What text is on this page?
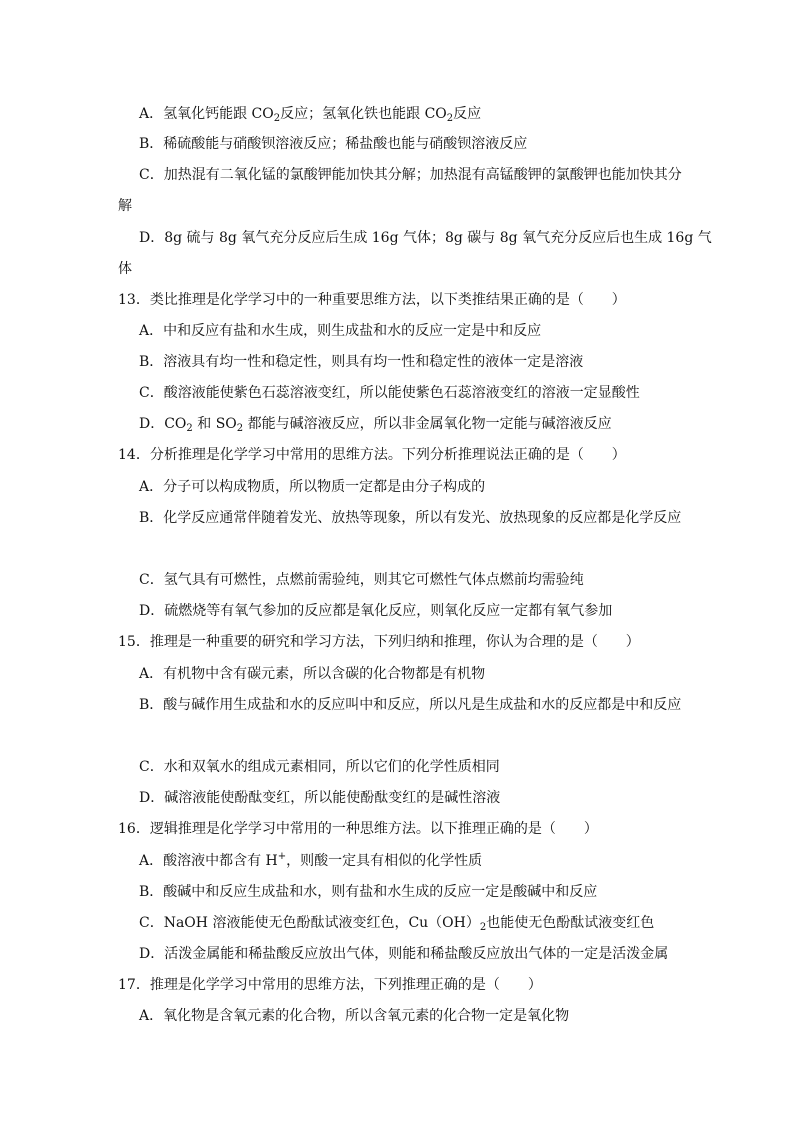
A．氢氧化钙能跟 $CO_2$反应；氢氧化铁也能跟 $CO_2$反应
B．稀硫酸能与硝酸钡溶液反应；稀盐酸也能与硝酸钡溶液反应
C．加热混有二氧化锰的氯酸钾能加快其分解；加热混有高锰酸钾的氯酸钾也能加快其分
解
D．8g 硫与 8g 氧气充分反应后生成 16g 气体；8g 碳与 8g 氧气充分反应后也生成 16g 气
体
13．类比推理是化学学习中的一种重要思维方法，以下类推结果正确的是（　　）
A．中和反应有盐和水生成，则生成盐和水的反应一定是中和反应
B．溶液具有均一性和稳定性，则具有均一性和稳定性的液体一定是溶液
C．酸溶液能使紫色石蕊溶液变红，所以能使紫色石蕊溶液变红的溶液一定显酸性
D．$CO_2$ 和 $SO_2$ 都能与碱溶液反应，所以非金属氧化物一定能与碱溶液反应
14．分析推理是化学学习中常用的思维方法。下列分析推理说法正确的是（　　）
A．分子可以构成物质，所以物质一定都是由分子构成的
B．化学反应通常伴随着发光、放热等现象，所以有发光、放热现象的反应都是化学反应
C．氢气具有可燃性，点燃前需验纯，则其它可燃性气体点燃前均需验纯
D．硫燃烧等有氧气参加的反应都是氧化反应，则氧化反应一定都有氧气参加
15．推理是一种重要的研究和学习方法，下列归纳和推理，你认为合理的是（　　）
A．有机物中含有碳元素，所以含碳的化合物都是有机物
B．酸与碱作用生成盐和水的反应叫中和反应，所以凡是生成盐和水的反应都是中和反应
C．水和双氧水的组成元素相同，所以它们的化学性质相同
D．碱溶液能使酚酞变红，所以能使酚酞变红的是碱性溶液
16．逻辑推理是化学学习中常用的一种思维方法。以下推理正确的是（　　）
A．酸溶液中都含有 H+，则酸一定具有相似的化学性质
B．酸碱中和反应生成盐和水，则有盐和水生成的反应一定是酸碱中和反应
C．NaOH 溶液能使无色酚酞试液变红色，$Cu(OH)_2$也能使无色酚酞试液变红色
D．活泼金属能和稀盐酸反应放出气体，则能和稀盐酸反应放出气体的一定是活泼金属
17．推理是化学学习中常用的思维方法，下列推理正确的是（　　）
A．氧化物是含氧元素的化合物，所以含氧元素的化合物一定是氧化物
